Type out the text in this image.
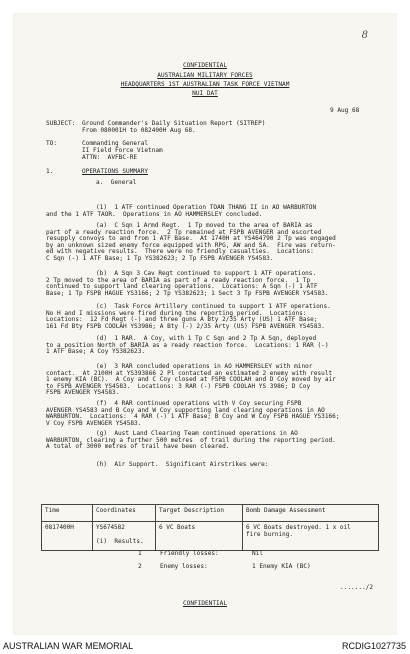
8
CONFIDENTIAL
AUSTRALIAN MILITARY FORCES
HEADQUARTERS 1ST AUSTRALIAN TASK FORCE VIETNAM
NUI DAT
9 Aug 68
SUBJECT: Ground Commander's Daily Situation Report (SITREP)
From 080001H to 082400H Aug 68.
TO:	Commanding General
II Field Force Vietnam
ATTN:  AVFBC-RE
1.	OPERATIONS SUMMARY
a.  General
(1)  1 ATF continued Operation TOAN THANG II in AO WARBURTON
and the 1 ATF TAOR.  Operations in AO HAMMERSLEY concluded.
(a)  C Sqn 1 Armd Regt.  1 Tp moved to the area of BARIA as
part of a ready reaction force.  2 Tp remained at FSPB AVENGER and escorted
resupply convoys to and from 1 ATF Base.  At 1740H at YS464790 2 Tp was engaged
by an unknown sized enemy force equipped with RPG, AW and SA.  Fire was return-
ed with negative results.  There were no friendly casualties.  Locations:
C Sqn (-) 1 ATF Base; 1 Tp YS382623; 2 Tp FSPB AVENGER YS4583.
(b)  A Sqn 3 Cav Regt continued to support 1 ATF operations.
2 Tp moved to the area of BARIA as part of a ready reaction force.  1 Tp
continued to support land clearing operations.  Locations: A Sqn (-) 1 ATF
Base; 1 Tp FSPB HAGUE YS3166; 2 Tp YS382623; 1 Sect 3 Tp FSPB AVENGER YS4583.
(c)  Task Force Artillery continued to support 1 ATF operations.
No H and I missions were fired during the reporting period.  Locations:
Locations:  12 Fd Regt (-) and three guns A Bty 2/35 Arty (US) 1 ATF Base;
161 Fd Bty FSPB COOLAH YS3986; A Bty (-) 2/35 Arty (US) FSPB AVENGER YS4583.
(d)  1 RAR.  A Coy, with 1 Tp C Sqn and 2 Tp A Sqn, deployed
to a position North of BARIA as a ready reaction force.  Locations: 1 RAR (-)
1 ATF Base; A Coy YS382623.
(e)  3 RAR concluded operations in AO HAMMERSLEY with minor
contact.  At 2100H at YS393866 2 Pl contacted an estimated 2 enemy with result
1 enemy KIA (BC).  A Coy and C Coy closed at FSPB COOLAH and D Coy moved by air
to FSPB AVENGER YS4583.  Locations: 3 RAR (-) FSPB COOLAH YS 3986; D Coy
FSPB AVENGER YS4583.
(f)  4 RAR continued operations with V Coy securing FSPB
AVENGER YS4583 and B Coy and W Coy supporting land clearing operations in AO
WARBURTON.  Locations:  4 RAR (-) 1 ATF Base; B Coy and W Coy FSPB HAGUE YS3166;
V Coy FSPB AVENGER YS4583.
(g)  Aust Land Clearing Team continued operations in AO
WARBURTON, clearing a further 500 metres  of trail during the reporting period.
A total of 3000 metres of trail have been cleared.
(h)  Air Support.  Significant Airstrikes were:
Time	Coordinates	Target Description	Bomb Damage Assessment
0817400H	YS674582	6 VC Boats	6 VC Boats destroyed. 1 x oil
fire burning.
(i)  Results.
1	Friendly losses:	Nil
2	Enemy losses:	1 Enemy KIA (BC)
......./2
CONFIDENTIAL
AUSTRALIAN WAR MEMORIAL	RCDIG1027735
